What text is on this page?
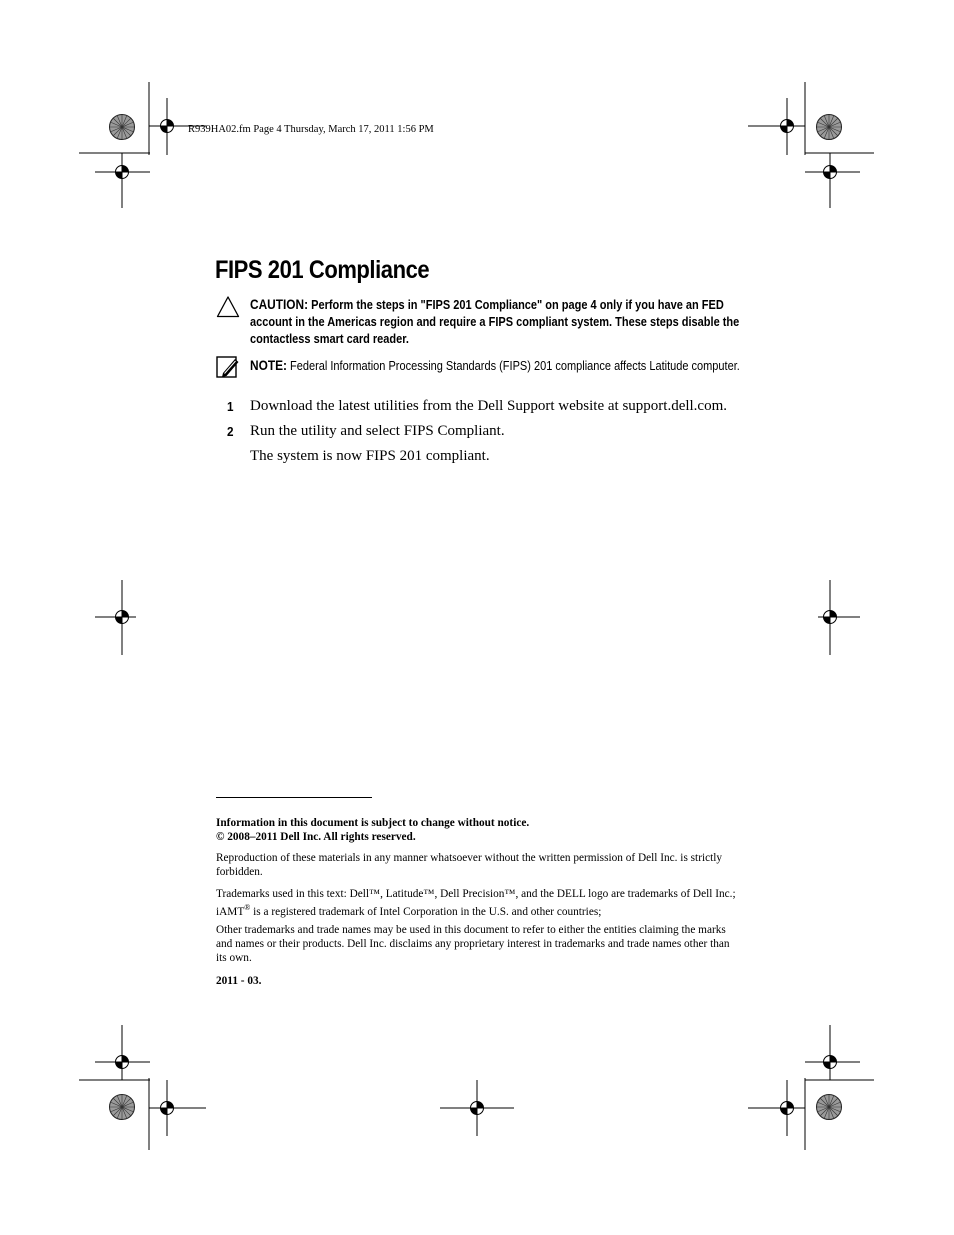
R939HA02.fm Page 4 Thursday, March 17, 2011 1:56 PM
FIPS 201 Compliance
CAUTION: Perform the steps in "FIPS 201 Compliance" on page 4 only if you have an FED account in the Americas region and require a FIPS compliant system. These steps disable the contactless smart card reader.
NOTE: Federal Information Processing Standards (FIPS) 201 compliance affects Latitude computer.
1 Download the latest utilities from the Dell Support website at support.dell.com.
2 Run the utility and select FIPS Compliant.
The system is now FIPS 201 compliant.

Information in this document is subject to change without notice.

© 2008–2011 Dell Inc. All rights reserved.

Reproduction of these materials in any manner whatsoever without the written permission of Dell Inc. is strictly forbidden.

Trademarks used in this text: Dell™, Latitude™, Dell Precision™, and the DELL logo are trademarks of Dell Inc.; iAMT® is a registered trademark of Intel Corporation in the U.S. and other countries;

Other trademarks and trade names may be used in this document to refer to either the entities claiming the marks and names or their products. Dell Inc. disclaims any proprietary interest in trademarks and trade names other than its own.

2011 - 03.
